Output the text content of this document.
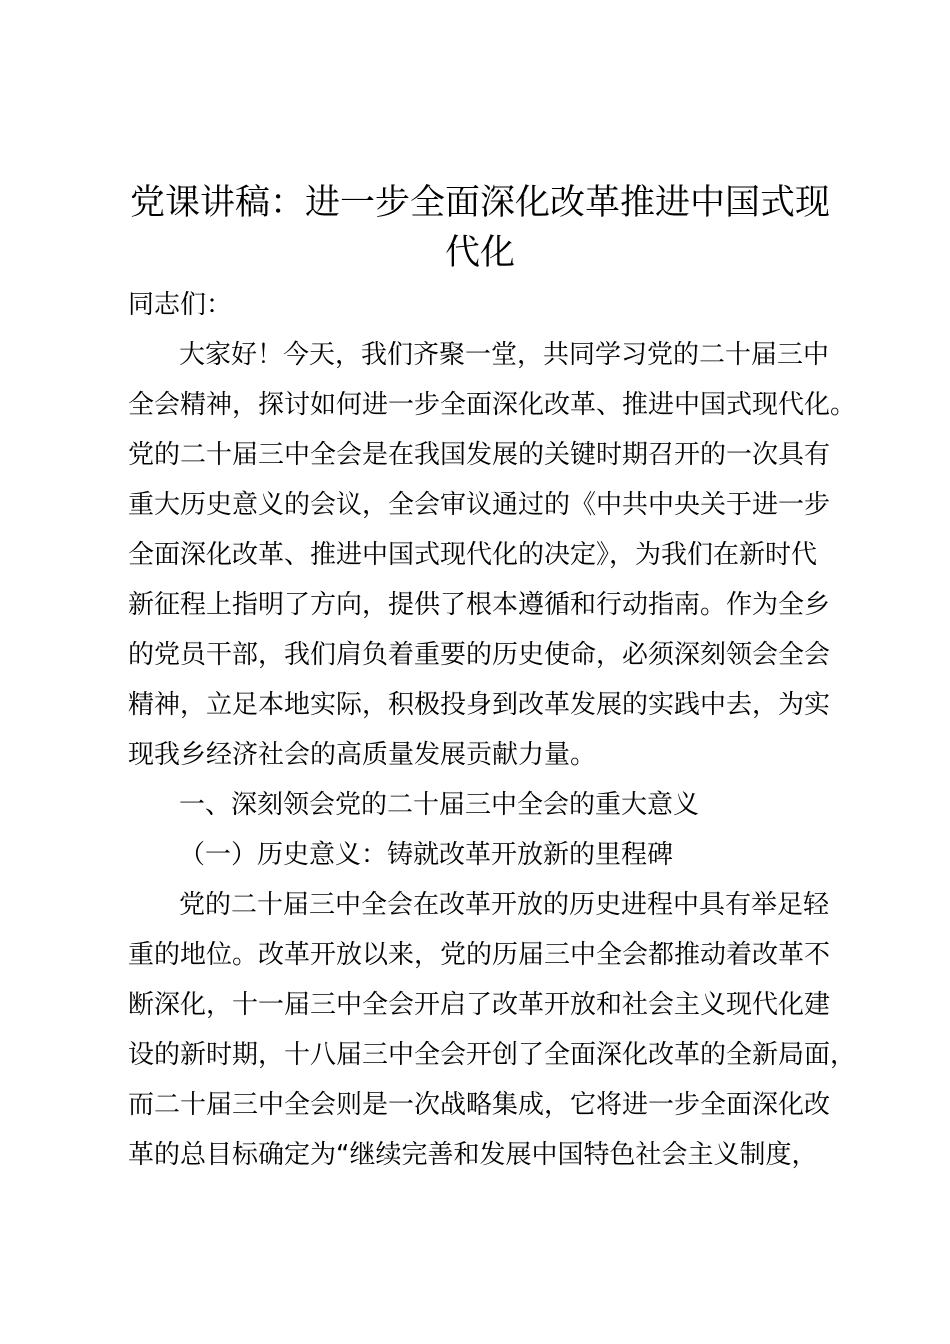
党课讲稿：进一步全面深化改革推进中国式现
代化

同志们：

大家好！今天，我们齐聚一堂，共同学习党的二十届三中

全会精神，探讨如何进一步全面深化改革、推进中国式现代化。

党的二十届三中全会是在我国发展的关键时期召开的一次具有

重大历史意义的会议，全会审议通过的《中共中央关于进一步

全面深化改革、推进中国式现代化的决定》，为我们在新时代

新征程上指明了方向，提供了根本遵循和行动指南。作为全乡

的党员干部，我们肩负着重要的历史使命，必须深刻领会全会

精神，立足本地实际，积极投身到改革发展的实践中去，为实

现我乡经济社会的高质量发展贡献力量。

一、深刻领会党的二十届三中全会的重大意义

（一）历史意义：铸就改革开放新的里程碑

党的二十届三中全会在改革开放的历史进程中具有举足轻

重的地位。改革开放以来，党的历届三中全会都推动着改革不

断深化，十一届三中全会开启了改革开放和社会主义现代化建

设的新时期，十八届三中全会开创了全面深化改革的全新局面，

而二十届三中全会则是一次战略集成，它将进一步全面深化改

革的总目标确定为“继续完善和发展中国特色社会主义制度，
